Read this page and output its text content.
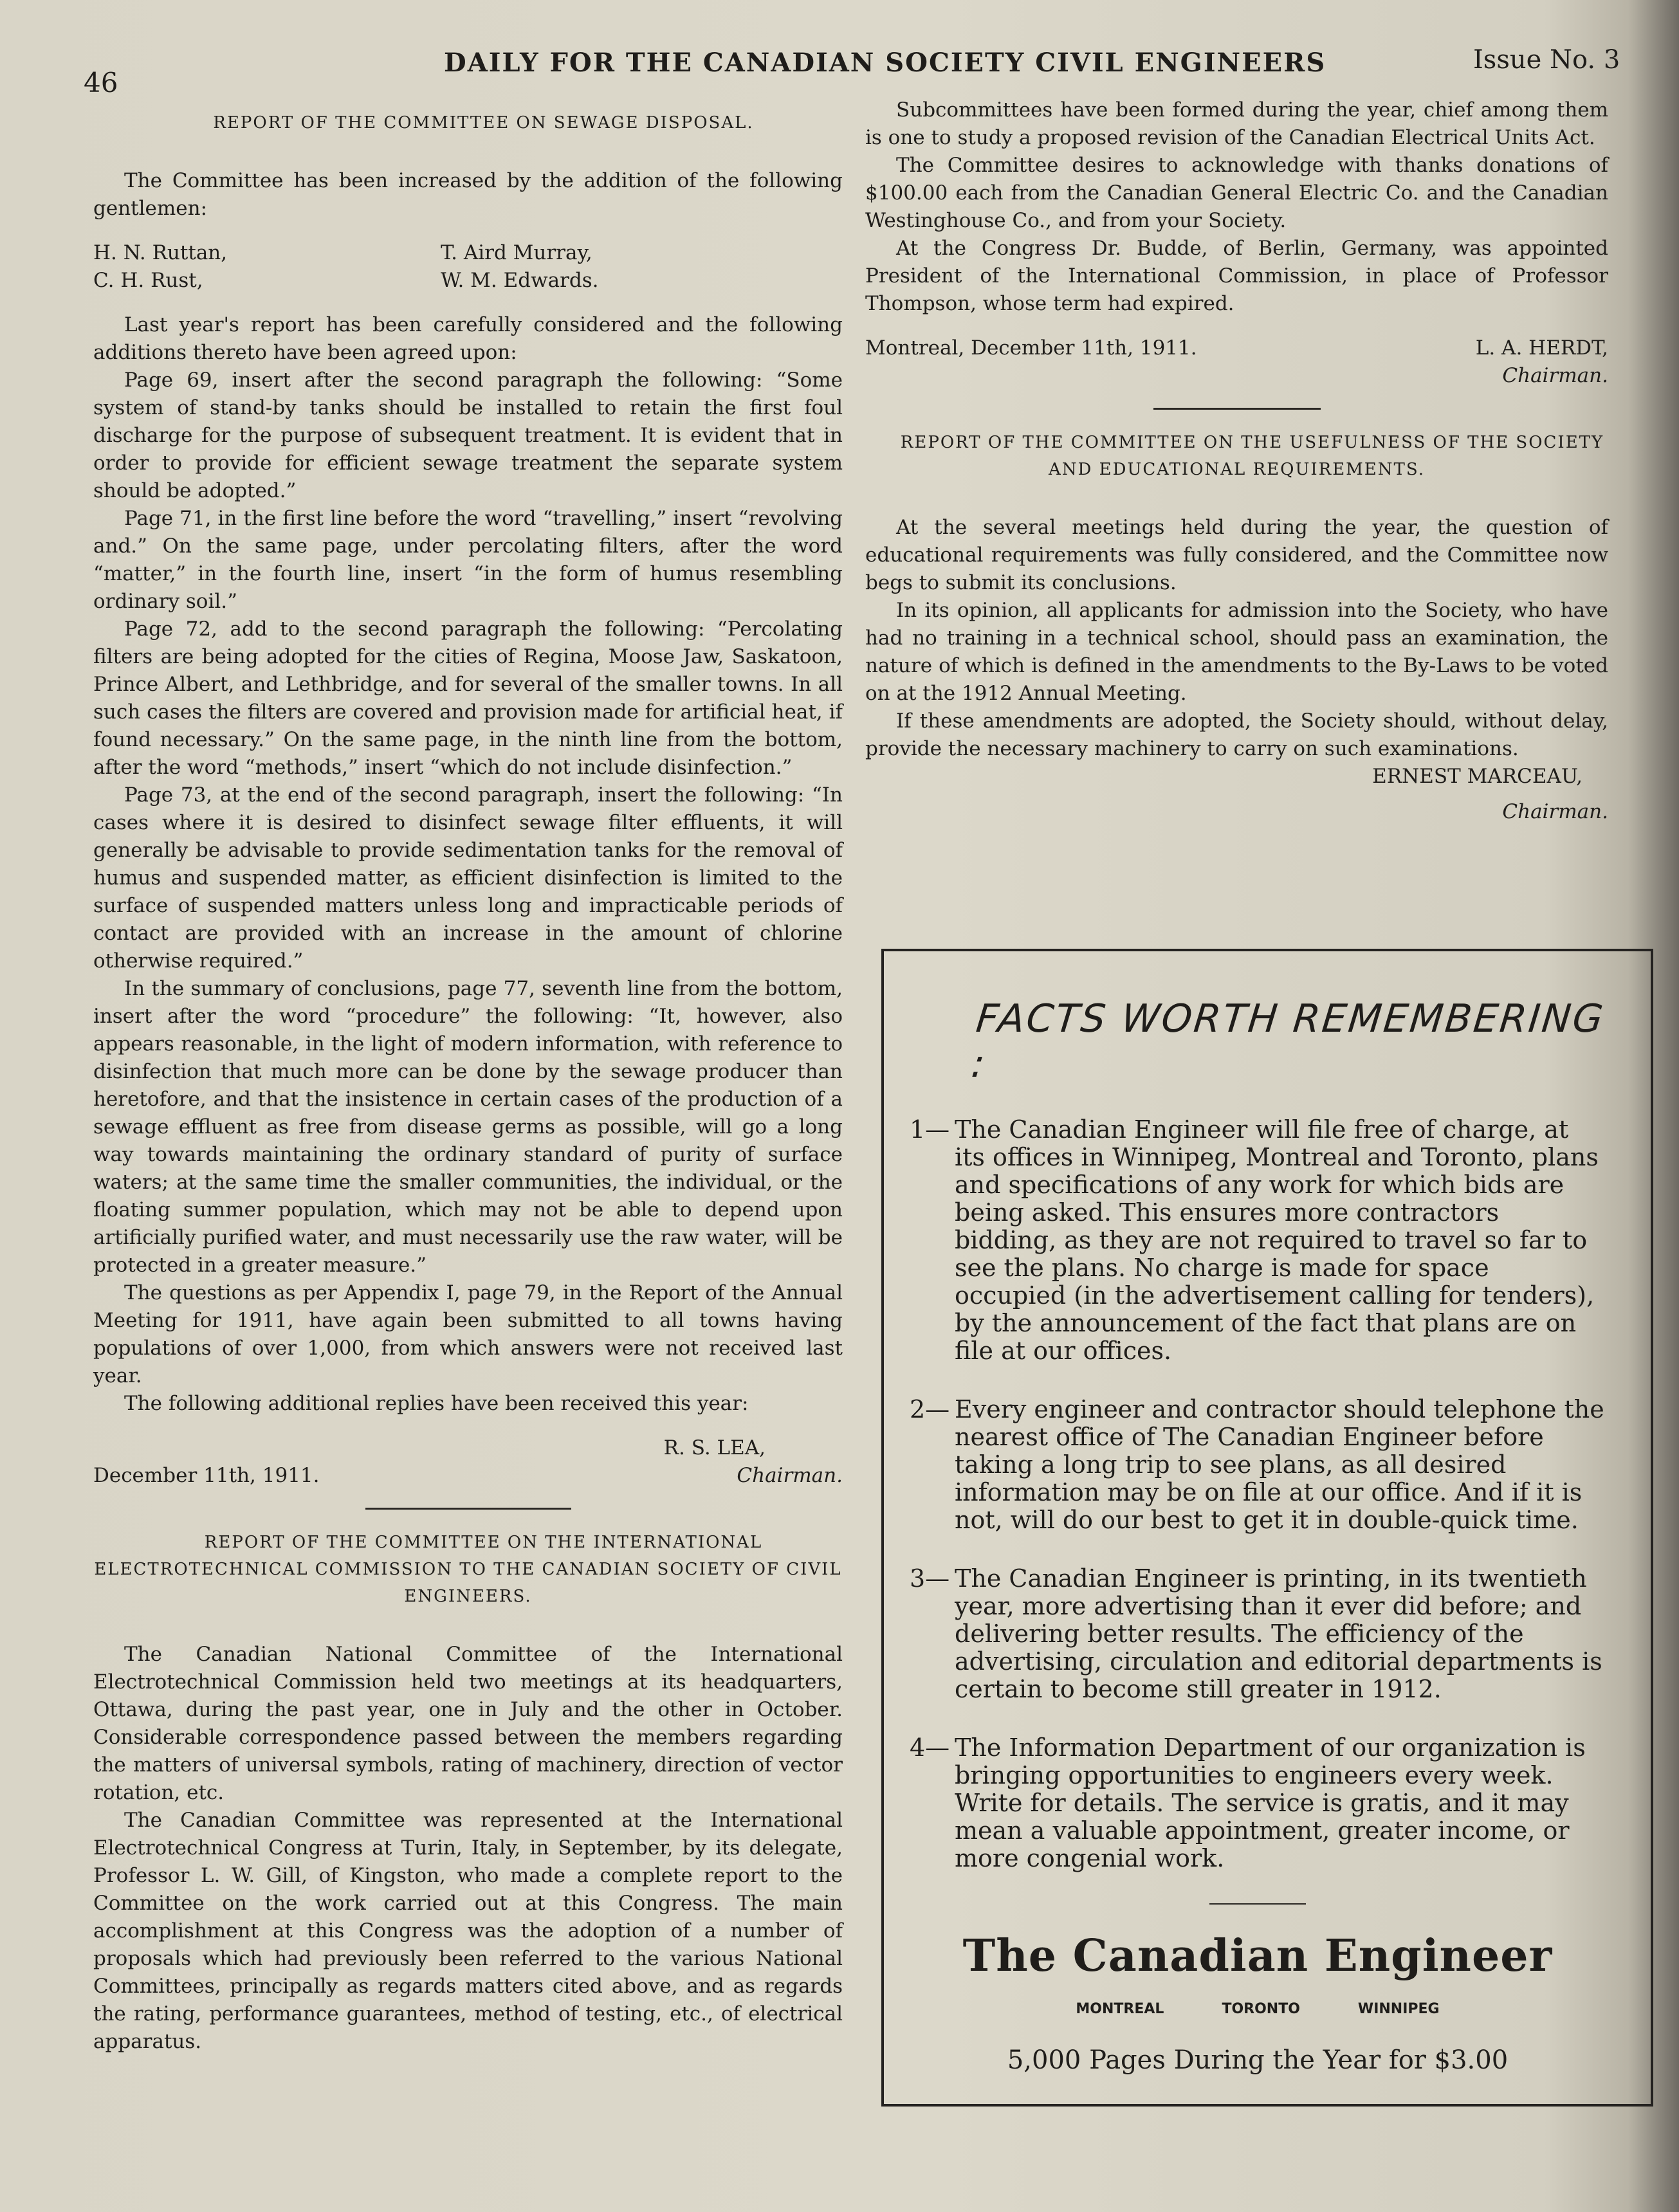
46
DAILY FOR THE CANADIAN SOCIETY CIVIL ENGINEERS	Issue No. 3

REPORT OF THE COMMITTEE ON SEWAGE DISPOSAL.

The Committee has been increased by the addition of the following gentlemen:

H. N. Ruttan,	T. Aird Murray,
C. H. Rust,	W. M. Edwards.

Last year's report has been carefully considered and the following additions thereto have been agreed upon:

Page 69, insert after the second paragraph the following: “Some system of stand-by tanks should be installed to retain the first foul discharge for the purpose of subsequent treatment. It is evident that in order to provide for efficient sewage treatment the separate system should be adopted.”

Page 71, in the first line before the word “travelling,” insert “revolving and.” On the same page, under percolating filters, after the word “matter,” in the fourth line, insert “in the form of humus resembling ordinary soil.”

Page 72, add to the second paragraph the following: “Percolating filters are being adopted for the cities of Regina, Moose Jaw, Saskatoon, Prince Albert, and Lethbridge, and for several of the smaller towns. In all such cases the filters are covered and provision made for artificial heat, if found necessary.” On the same page, in the ninth line from the bottom, after the word “methods,” insert “which do not include disinfection.”

Page 73, at the end of the second paragraph, insert the following: “In cases where it is desired to disinfect sewage filter effluents, it will generally be advisable to provide sedimentation tanks for the removal of humus and suspended matter, as efficient disinfection is limited to the surface of suspended matters unless long and impracticable periods of contact are provided with an increase in the amount of chlorine otherwise required.”

In the summary of conclusions, page 77, seventh line from the bottom, insert after the word “procedure” the following: “It, however, also appears reasonable, in the light of modern information, with reference to disinfection that much more can be done by the sewage producer than heretofore, and that the insistence in certain cases of the production of a sewage effluent as free from disease germs as possible, will go a long way towards maintaining the ordinary standard of purity of surface waters; at the same time the smaller communities, the individual, or the floating summer population, which may not be able to depend upon artificially purified water, and must necessarily use the raw water, will be protected in a greater measure.”

The questions as per Appendix I, page 79, in the Report of the Annual Meeting for 1911, have again been submitted to all towns having populations of over 1,000, from which answers were not received last year.

The following additional replies have been received this year:

R. S. LEA,
December 11th, 1911.	Chairman.

REPORT OF THE COMMITTEE ON THE INTERNATIONAL ELECTROTECHNICAL COMMISSION TO THE CANADIAN SOCIETY OF CIVIL ENGINEERS.

The Canadian National Committee of the International Electrotechnical Commission held two meetings at its headquarters, Ottawa, during the past year, one in July and the other in October. Considerable correspondence passed between the members regarding the matters of universal symbols, rating of machinery, direction of vector rotation, etc.

The Canadian Committee was represented at the International Electrotechnical Congress at Turin, Italy, in September, by its delegate, Professor L. W. Gill, of Kingston, who made a complete report to the Committee on the work carried out at this Congress. The main accomplishment at this Congress was the adoption of a number of proposals which had previously been referred to the various National Committees, principally as regards matters cited above, and as regards the rating, performance guarantees, method of testing, etc., of electrical apparatus.

Subcommittees have been formed during the year, chief among them is one to study a proposed revision of the Canadian Electrical Units Act.

The Committee desires to acknowledge with thanks donations of $100.00 each from the Canadian General Electric Co. and the Canadian Westinghouse Co., and from your Society.

At the Congress Dr. Budde, of Berlin, Germany, was appointed President of the International Commission, in place of Professor Thompson, whose term had expired.

Montreal, December 11th, 1911.	L. A. HERDT,
Chairman.

REPORT OF THE COMMITTEE ON THE USEFULNESS OF THE SOCIETY AND EDUCATIONAL REQUIREMENTS.

At the several meetings held during the year, the question of educational requirements was fully considered, and the Committee now begs to submit its conclusions.

In its opinion, all applicants for admission into the Society, who have had no training in a technical school, should pass an examination, the nature of which is defined in the amendments to the By-Laws to be voted on at the 1912 Annual Meeting.

If these amendments are adopted, the Society should, without delay, provide the necessary machinery to carry on such examinations.

ERNEST MARCEAU,
Chairman.
FACTS WORTH REMEMBERING :
1— The Canadian Engineer will file free of charge, at its offices in Winnipeg, Montreal and Toronto, plans and specifications of any work for which bids are being asked. This ensures more contractors bidding, as they are not required to travel so far to see the plans. No charge is made for space occupied (in the advertisement calling for tenders), by the announcement of the fact that plans are on file at our offices.
2— Every engineer and contractor should telephone the nearest office of The Canadian Engineer before taking a long trip to see plans, as all desired information may be on file at our office. And if it is not, will do our best to get it in double-quick time.
3— The Canadian Engineer is printing, in its twentieth year, more advertising than it ever did before; and delivering better results. The efficiency of the advertising, circulation and editorial departments is certain to become still greater in 1912.
4— The Information Department of our organization is bringing opportunities to engineers every week. Write for details. The service is gratis, and it may mean a valuable appointment, greater income, or more congenial work.
The Canadian Engineer
MONTREAL	TORONTO	WINNIPEG
5,000 Pages During the Year for $3.00
